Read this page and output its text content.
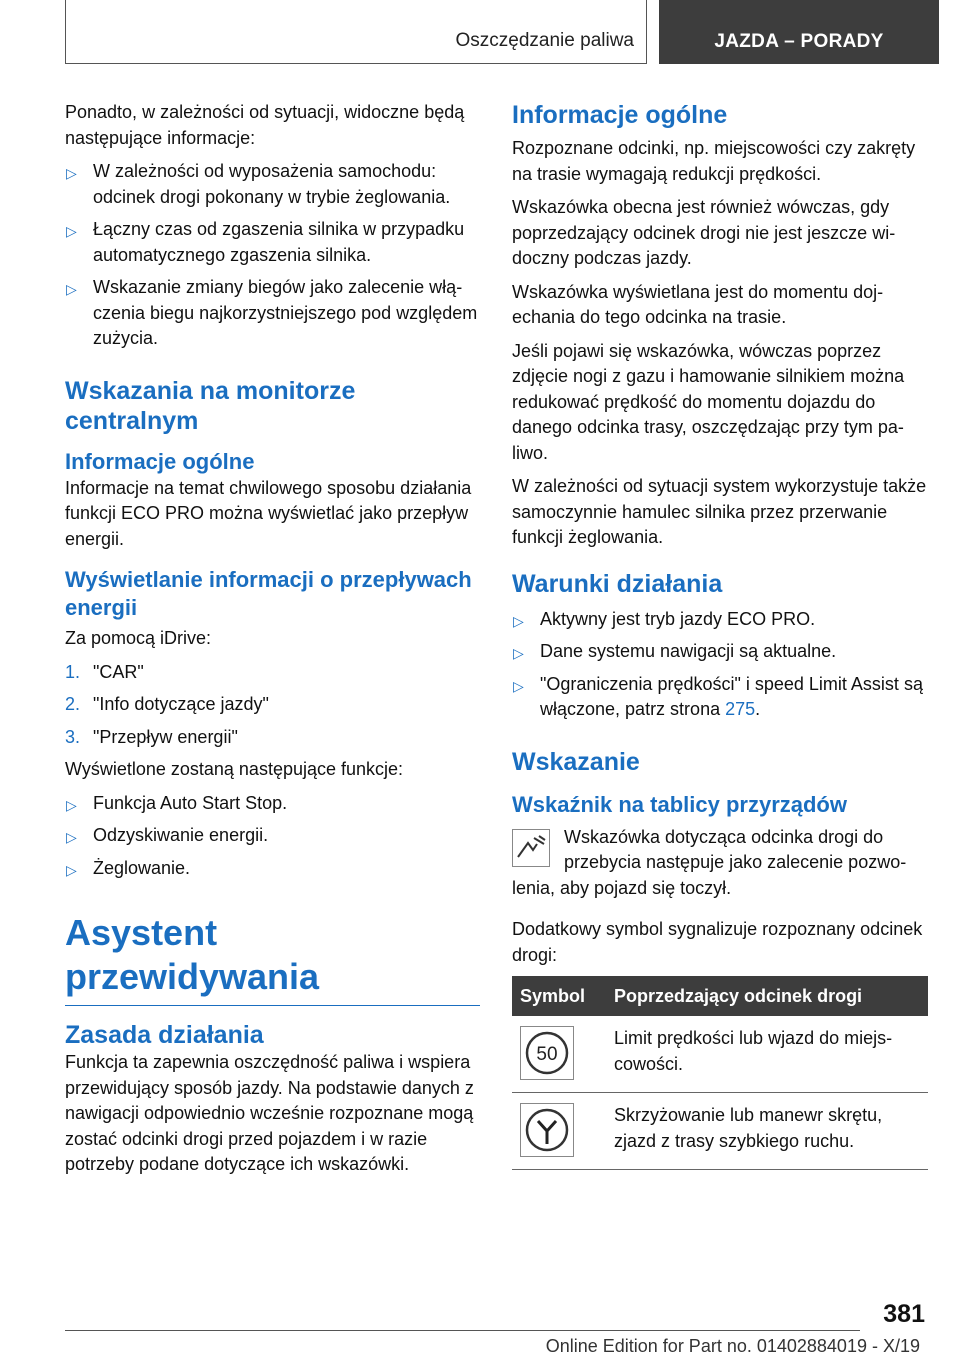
Oszczędzanie paliwa	JAZDA – PORADY

Ponadto, w zależności od sytuacji, widoczne będą następujące informacje:

▷ W zależności od wyposażenia samochodu: odcinek drogi pokonany w trybie żeglowania.
▷ Łączny czas od zgaszenia silnika w przypadku automatycznego zgaszenia silnika.
▷ Wskazanie zmiany biegów jako zalecenie włączenia biegu najkorzystniejszego pod względem zużycia.
Wskazania na monitorze centralnym
Informacje ogólne

Informacje na temat chwilowego sposobu działania funkcji ECO PRO można wyświetlać jako przepływ energii.

Wyświetlanie informacji o przepływach energii

Za pomocą iDrive:

1. "CAR"
2. "Info dotyczące jazdy"
3. "Przepływ energii"

Wyświetlone zostaną następujące funkcje:

▷ Funkcja Auto Start Stop.
▷ Odzyskiwanie energii.
▷ Żeglowanie.
Asystent przewidywania
Zasada działania

Funkcja ta zapewnia oszczędność paliwa i wspiera przewidujący sposób jazdy. Na podstawie danych z nawigacji odpowiednio wcześnie rozpoznane mogą zostać odcinki drogi przed pojazdem i w razie potrzeby podane dotyczące ich wskazówki.

Informacje ogólne

Rozpoznane odcinki, np. miejscowości czy zakręty na trasie wymagają redukcji prędkości.

Wskazówka obecna jest również wówczas, gdy poprzedzający odcinek drogi nie jest jeszcze widoczny podczas jazdy.

Wskazówka wyświetlana jest do momentu dojechania do tego odcinka na trasie.

Jeśli pojawi się wskazówka, wówczas poprzez zdjęcie nogi z gazu i hamowanie silnikiem można redukować prędkość do momentu dojazdu do danego odcinka trasy, oszczędzając przy tym paliwo.

W zależności od sytuacji system wykorzystuje także samoczynnie hamulec silnika przez przerwanie funkcji żeglowania.

Warunki działania
▷ Aktywny jest tryb jazdy ECO PRO.
▷ Dane systemu nawigacji są aktualne.
▷ "Ograniczenia prędkości" i speed Limit Assist są włączone, patrz strona 275.
Wskazanie
Wskaźnik na tablicy przyrządów

Wskazówka dotycząca odcinka drogi do przebycia następuje jako zalecenie pozwolenia, aby pojazd się toczył.

Dodatkowy symbol sygnalizuje rozpoznany odcinek drogi:

Symbol	Poprzedzający odcinek drogi

50	Limit prędkości lub wjazd do miejscowości.

	Skrzyżowanie lub manewr skrętu, zjazd z trasy szybkiego ruchu.
381
Online Edition for Part no. 01402884019 - X/19
